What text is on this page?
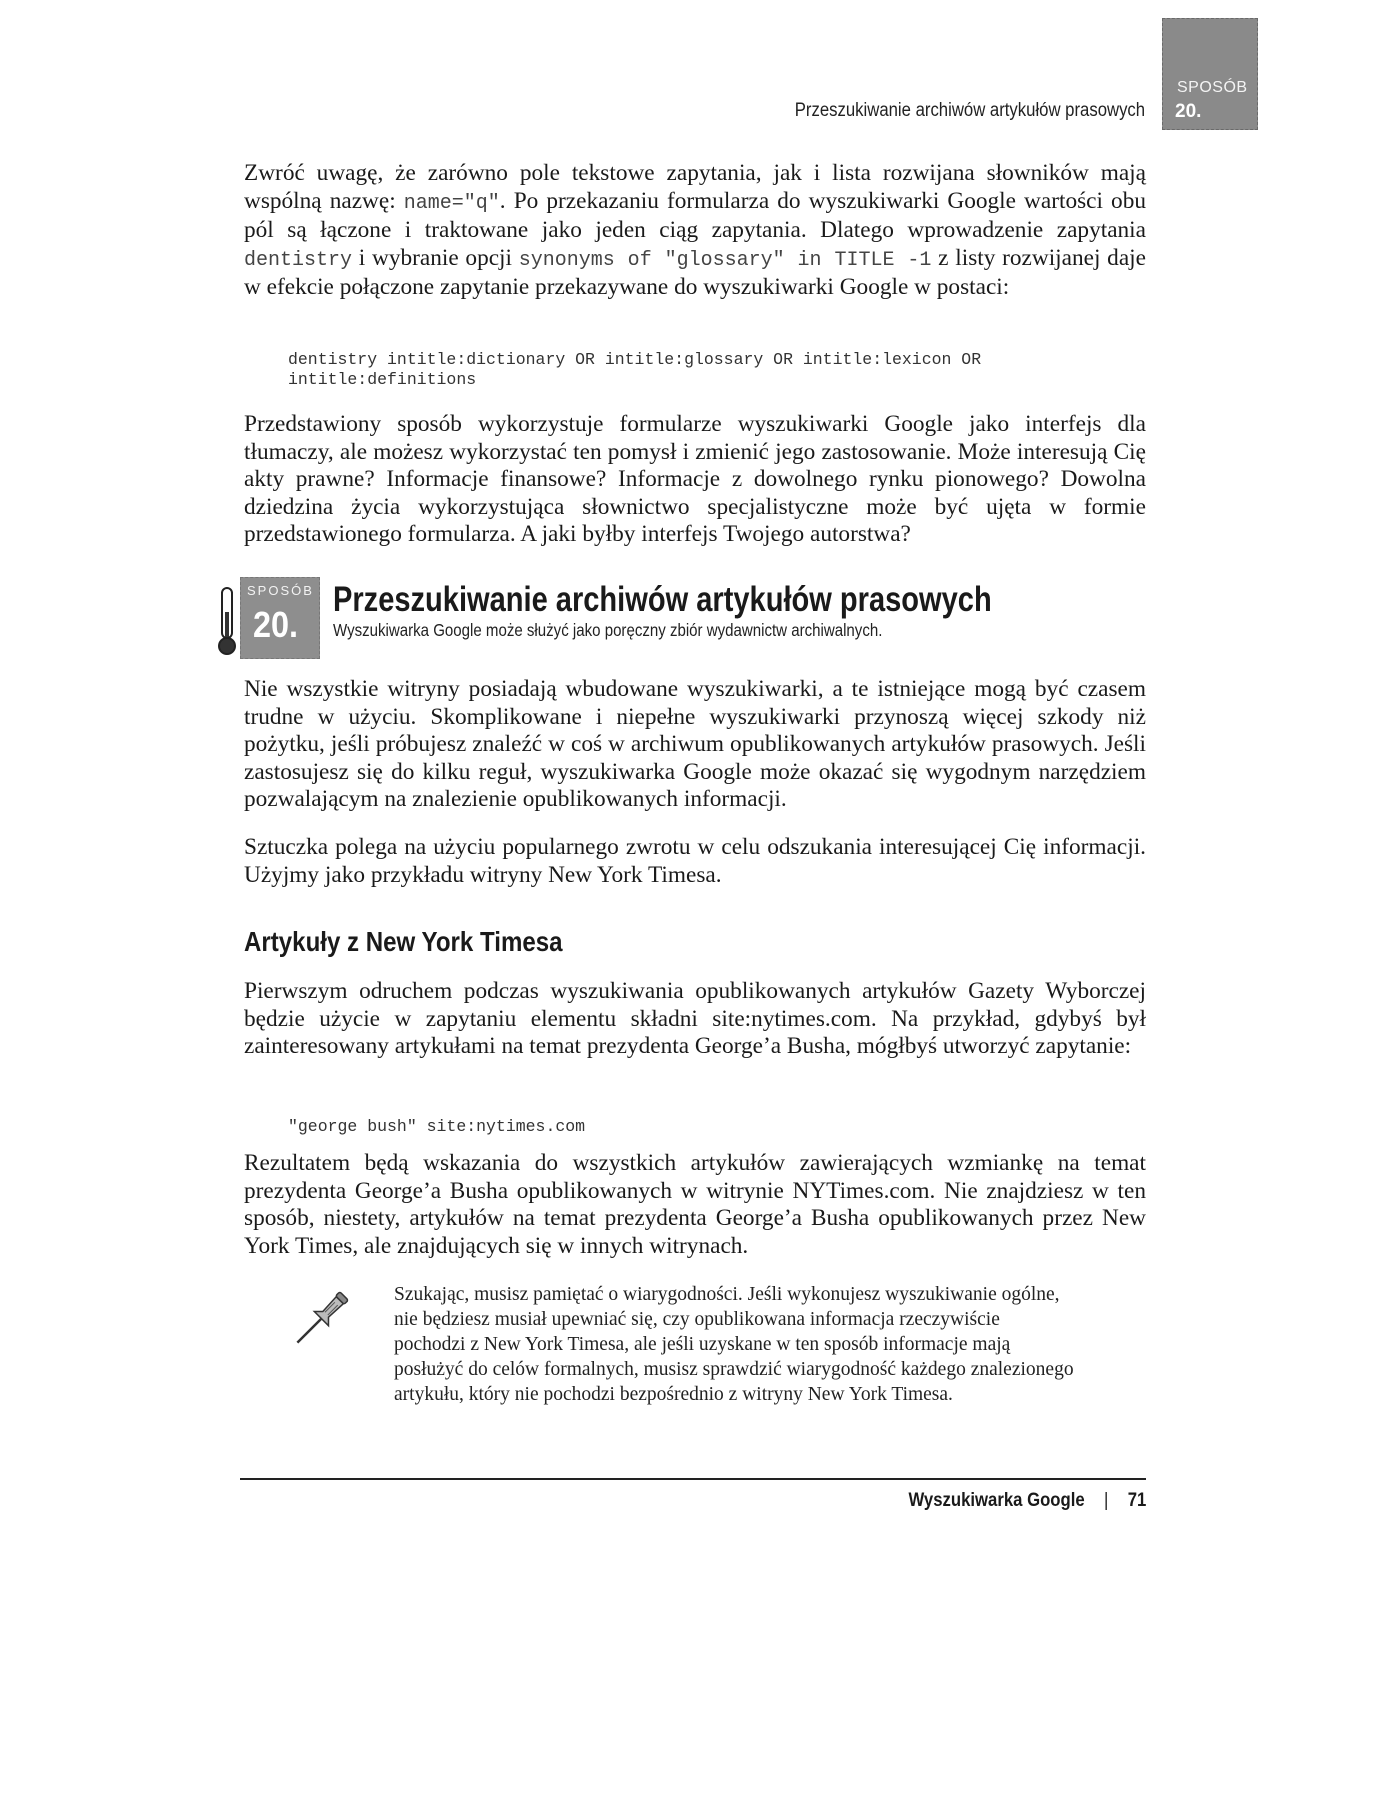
Przeszukiwanie archiwów artykułów prasowych
SPOSÓB
20.

Zwróć uwagę, że zarówno pole tekstowe zapytania, jak i lista rozwijana słowników mają wspólną nazwę: name="q". Po przekazaniu formularza do wyszukiwarki Google wartości obu pól są łączone i traktowane jako jeden ciąg zapytania. Dlatego wprowadzenie zapytania dentistry i wybranie opcji synonyms of "glossary" in TITLE -1 z listy rozwijanej daje w efekcie połączone zapytanie przekazywane do wyszukiwarki Google w postaci:

dentistry intitle:dictionary OR intitle:glossary OR intitle:lexicon OR
intitle:definitions

Przedstawiony sposób wykorzystuje formularze wyszukiwarki Google jako interfejs dla tłumaczy, ale możesz wykorzystać ten pomysł i zmienić jego zastosowanie. Może interesują Cię akty prawne? Informacje finansowe? Informacje z dowolnego rynku pionowego? Dowolna dziedzina życia wykorzystująca słownictwo specjalistyczne może być ujęta w formie przedstawionego formularza. A jaki byłby interfejs Twojego autorstwa?

SPOSÓB
20.
Przeszukiwanie archiwów artykułów prasowych
Wyszukiwarka Google może służyć jako poręczny zbiór wydawnictw archiwalnych.

Nie wszystkie witryny posiadają wbudowane wyszukiwarki, a te istniejące mogą być czasem trudne w użyciu. Skomplikowane i niepełne wyszukiwarki przynoszą więcej szkody niż pożytku, jeśli próbujesz znaleźć w coś w archiwum opublikowanych artykułów prasowych. Jeśli zastosujesz się do kilku reguł, wyszukiwarka Google może okazać się wygodnym narzędziem pozwalającym na znalezienie opublikowanych informacji.

Sztuczka polega na użyciu popularnego zwrotu w celu odszukania interesującej Cię informacji. Użyjmy jako przykładu witryny New York Timesa.

Artykuły z New York Timesa

Pierwszym odruchem podczas wyszukiwania opublikowanych artykułów Gazety Wyborczej będzie użycie w zapytaniu elementu składni site:nytimes.com. Na przykład, gdybyś był zainteresowany artykułami na temat prezydenta George’a Busha, mógłbyś utworzyć zapytanie:

"george bush" site:nytimes.com

Rezultatem będą wskazania do wszystkich artykułów zawierających wzmiankę na temat prezydenta George’a Busha opublikowanych w witrynie NYTimes.com. Nie znajdziesz w ten sposób, niestety, artykułów na temat prezydenta George’a Busha opublikowanych przez New York Times, ale znajdujących się w innych witrynach.

Szukając, musisz pamiętać o wiarygodności. Jeśli wykonujesz wyszukiwanie ogólne, nie będziesz musiał upewniać się, czy opublikowana informacja rzeczywiście pochodzi z New York Timesa, ale jeśli uzyskane w ten sposób informacje mają posłużyć do celów formalnych, musisz sprawdzić wiarygodność każdego znalezionego artykułu, który nie pochodzi bezpośrednio z witryny New York Timesa.
Wyszukiwarka Google | 71
